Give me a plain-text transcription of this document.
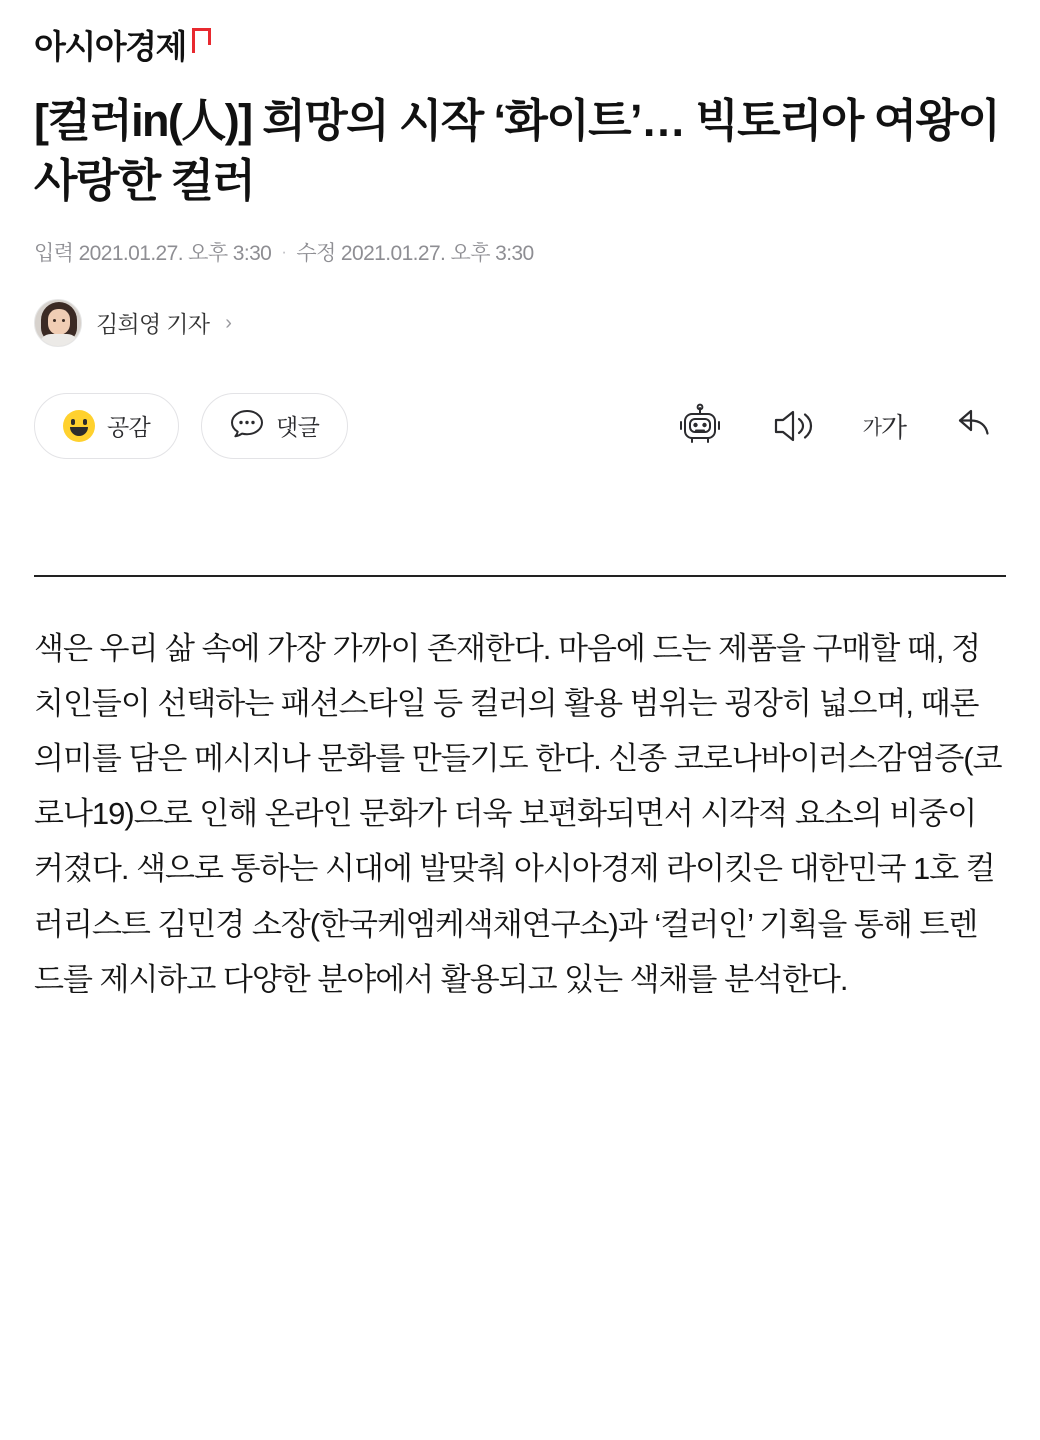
아시아경제
[컬러in(人)] 희망의 시작 ‘화이트’… 빅토리아 여왕이 사랑한 컬러
입력 2021.01.27. 오후 3:30 · 수정 2021.01.27. 오후 3:30
김희영 기자 ›
공감	댓글	가 가

색은 우리 삶 속에 가장 가까이 존재한다. 마음에 드는 제품을 구매할 때, 정치인들이 선택하는 패션스타일 등 컬러의 활용 범위는 굉장히 넓으며, 때론 의미를 담은 메시지나 문화를 만들기도 한다. 신종 코로나바이러스감염증(코로나19)으로 인해 온라인 문화가 더욱 보편화되면서 시각적 요소의 비중이 커졌다. 색으로 통하는 시대에 발맞춰 아시아경제 라이킷은 대한민국 1호 컬러리스트 김민경 소장(한국케엠케색채연구소)과 ‘컬러인’ 기획을 통해 트렌드를 제시하고 다양한 분야에서 활용되고 있는 색채를 분석한다.
